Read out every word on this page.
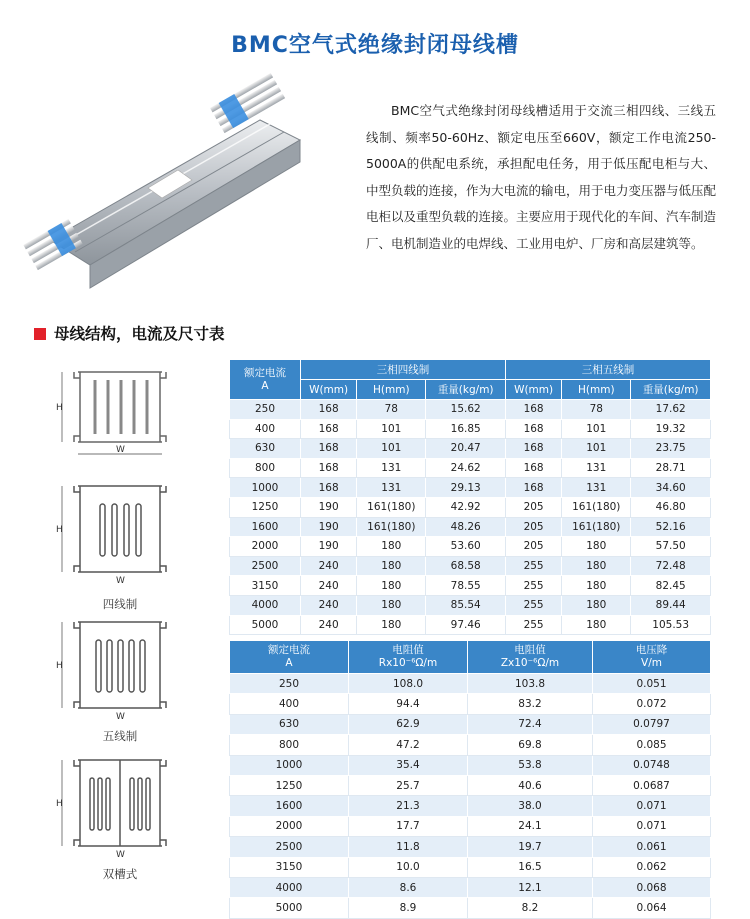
BMC空气式绝缘封闭母线槽
BMC空气式绝缘封闭母线槽适用于交流三相四线、三线五线制、频率50-60Hz、额定电压至660V，额定工作电流250-5000A的供配电系统，承担配电任务，用于低压配电柜与大、中型负载的连接，作为大电流的输电，用于电力变压器与低压配电柜以及重型负载的连接。主要应用于现代化的车间、汽车制造厂、电机制造业的电焊线、工业用电炉、厂房和高层建筑等。
母线结构，电流及尺寸表
H
W
H
W
四线制
H
W
五线制
H
W
双槽式
额定电流
A	三相四线制			三相五线制		
	W(mm)	H(mm)	重量(kg/m)	W(mm)	H(mm)	重量(kg/m)
250	168	78	15.62	168	78	17.62
400	168	101	16.85	168	101	19.32
630	168	101	20.47	168	101	23.75
800	168	131	24.62	168	131	28.71
1000	168	131	29.13	168	131	34.60
1250	190	161(180)	42.92	205	161(180)	46.80
1600	190	161(180)	48.26	205	161(180)	52.16
2000	190	180	53.60	205	180	57.50
2500	240	180	68.58	255	180	72.48
3150	240	180	78.55	255	180	82.45
4000	240	180	85.54	255	180	89.44
5000	240	180	97.46	255	180	105.53
额定电流
A	电阻值
Rx10⁻⁶Ω/m	电阻值
Zx10⁻⁶Ω/m	电压降
V/m
250	108.0	103.8	0.051
400	94.4	83.2	0.072
630	62.9	72.4	0.0797
800	47.2	69.8	0.085
1000	35.4	53.8	0.0748
1250	25.7	40.6	0.0687
1600	21.3	38.0	0.071
2000	17.7	24.1	0.071
2500	11.8	19.7	0.061
3150	10.0	16.5	0.062
4000	8.6	12.1	0.068
5000	8.9	8.2	0.064
